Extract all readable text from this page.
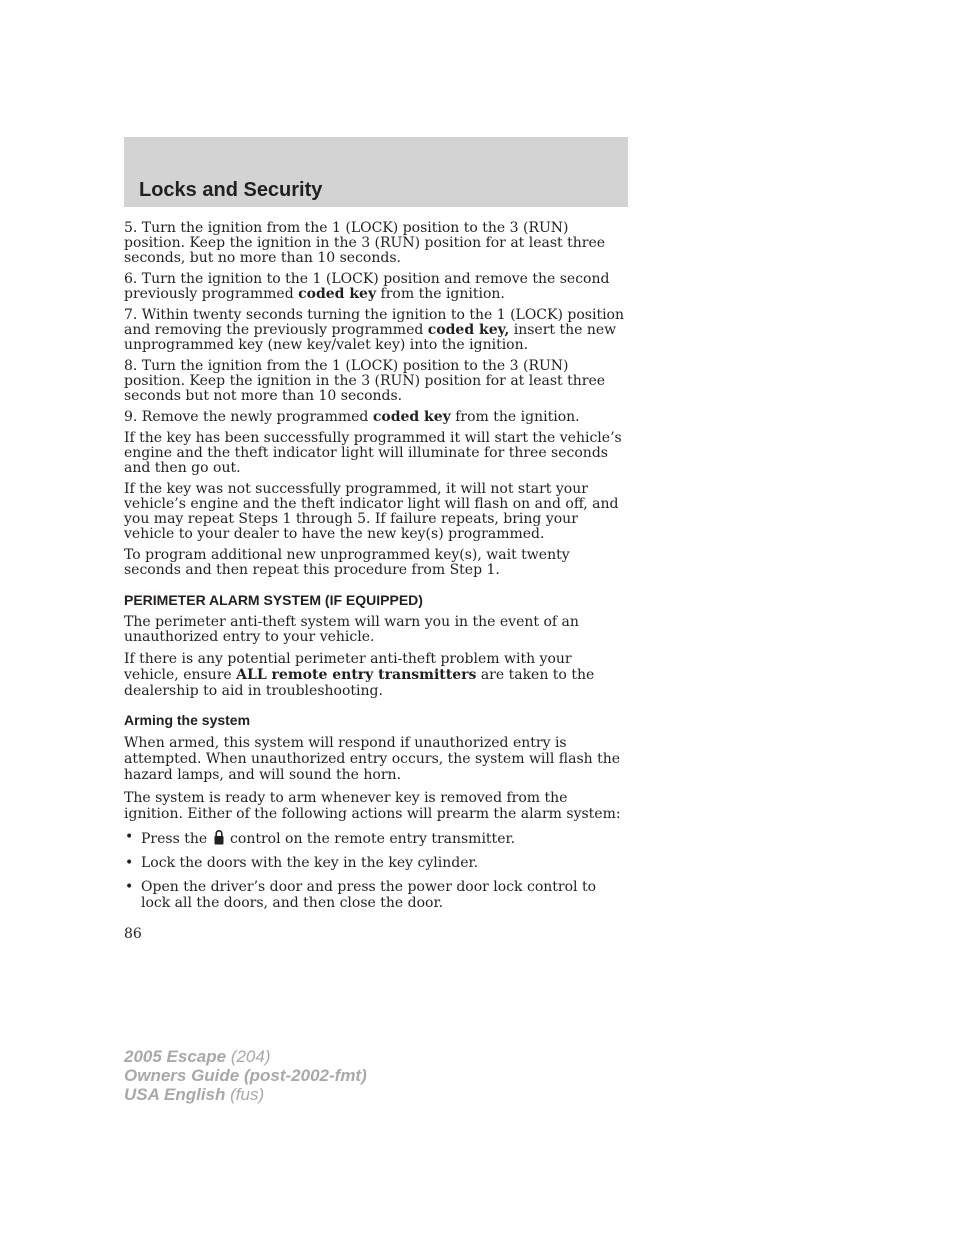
Locks and Security

5. Turn the ignition from the 1 (LOCK) position to the 3 (RUN) position. Keep the ignition in the 3 (RUN) position for at least three seconds, but no more than 10 seconds.

6. Turn the ignition to the 1 (LOCK) position and remove the second previously programmed coded key from the ignition.

7. Within twenty seconds turning the ignition to the 1 (LOCK) position and removing the previously programmed coded key, insert the new unprogrammed key (new key/valet key) into the ignition.

8. Turn the ignition from the 1 (LOCK) position to the 3 (RUN) position. Keep the ignition in the 3 (RUN) position for at least three seconds but not more than 10 seconds.

9. Remove the newly programmed coded key from the ignition.

If the key has been successfully programmed it will start the vehicle’s engine and the theft indicator light will illuminate for three seconds and then go out.

If the key was not successfully programmed, it will not start your vehicle’s engine and the theft indicator light will flash on and off, and you may repeat Steps 1 through 5. If failure repeats, bring your vehicle to your dealer to have the new key(s) programmed.

To program additional new unprogrammed key(s), wait twenty seconds and then repeat this procedure from Step 1.

PERIMETER ALARM SYSTEM (IF EQUIPPED)

The perimeter anti-theft system will warn you in the event of an unauthorized entry to your vehicle.

If there is any potential perimeter anti-theft problem with your vehicle, ensure ALL remote entry transmitters are taken to the dealership to aid in troubleshooting.

Arming the system

When armed, this system will respond if unauthorized entry is attempted. When unauthorized entry occurs, the system will flash the hazard lamps, and will sound the horn.

The system is ready to arm whenever key is removed from the ignition. Either of the following actions will prearm the alarm system:

• Press the  control on the remote entry transmitter.
• Lock the doors with the key in the key cylinder.
• Open the driver’s door and press the power door lock control to lock all the doors, and then close the door.
86
2005 Escape (204)
Owners Guide (post-2002-fmt)
USA English (fus)
